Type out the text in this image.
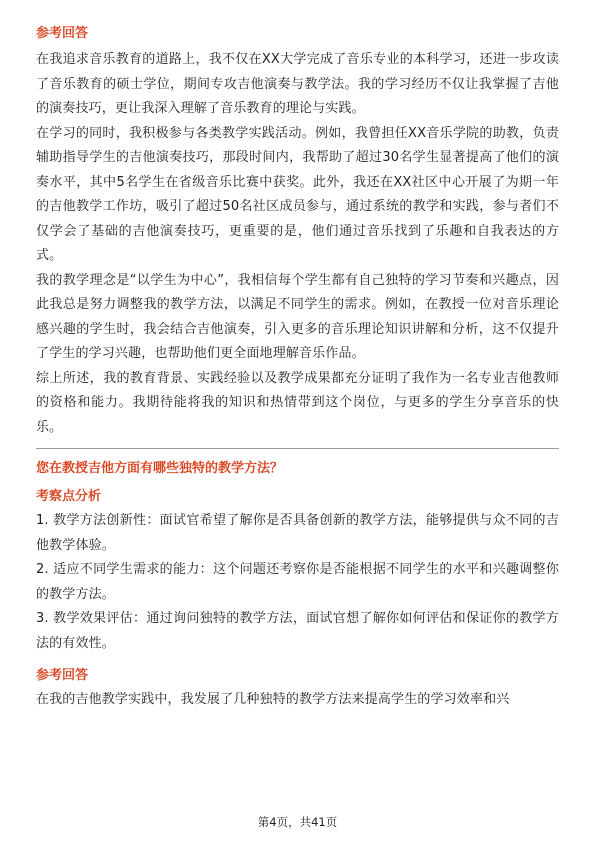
参考回答

在我追求音乐教育的道路上，我不仅在XX大学完成了音乐专业的本科学习，还进一步攻读了音乐教育的硕士学位，期间专攻吉他演奏与教学法。我的学习经历不仅让我掌握了吉他的演奏技巧，更让我深入理解了音乐教育的理论与实践。

在学习的同时，我积极参与各类教学实践活动。例如，我曾担任XX音乐学院的助教，负责辅助指导学生的吉他演奏技巧，那段时间内，我帮助了超过30名学生显著提高了他们的演奏水平，其中5名学生在省级音乐比赛中获奖。此外，我还在XX社区中心开展了为期一年的吉他教学工作坊，吸引了超过50名社区成员参与，通过系统的教学和实践，参与者们不仅学会了基础的吉他演奏技巧，更重要的是，他们通过音乐找到了乐趣和自我表达的方式。

我的教学理念是“以学生为中心”，我相信每个学生都有自己独特的学习节奏和兴趣点，因此我总是努力调整我的教学方法，以满足不同学生的需求。例如，在教授一位对音乐理论感兴趣的学生时，我会结合吉他演奏，引入更多的音乐理论知识讲解和分析，这不仅提升了学生的学习兴趣，也帮助他们更全面地理解音乐作品。

综上所述，我的教育背景、实践经验以及教学成果都充分证明了我作为一名专业吉他教师的资格和能力。我期待能将我的知识和热情带到这个岗位，与更多的学生分享音乐的快乐。

您在教授吉他方面有哪些独特的教学方法？

考察点分析

1. 教学方法创新性：面试官希望了解你是否具备创新的教学方法，能够提供与众不同的吉他教学体验。

2. 适应不同学生需求的能力：这个问题还考察你是否能根据不同学生的水平和兴趣调整你的教学方法。

3. 教学效果评估：通过询问独特的教学方法，面试官想了解你如何评估和保证你的教学方法的有效性。

参考回答

在我的吉他教学实践中，我发展了几种独特的教学方法来提高学生的学习效率和兴

第4页，共41页
